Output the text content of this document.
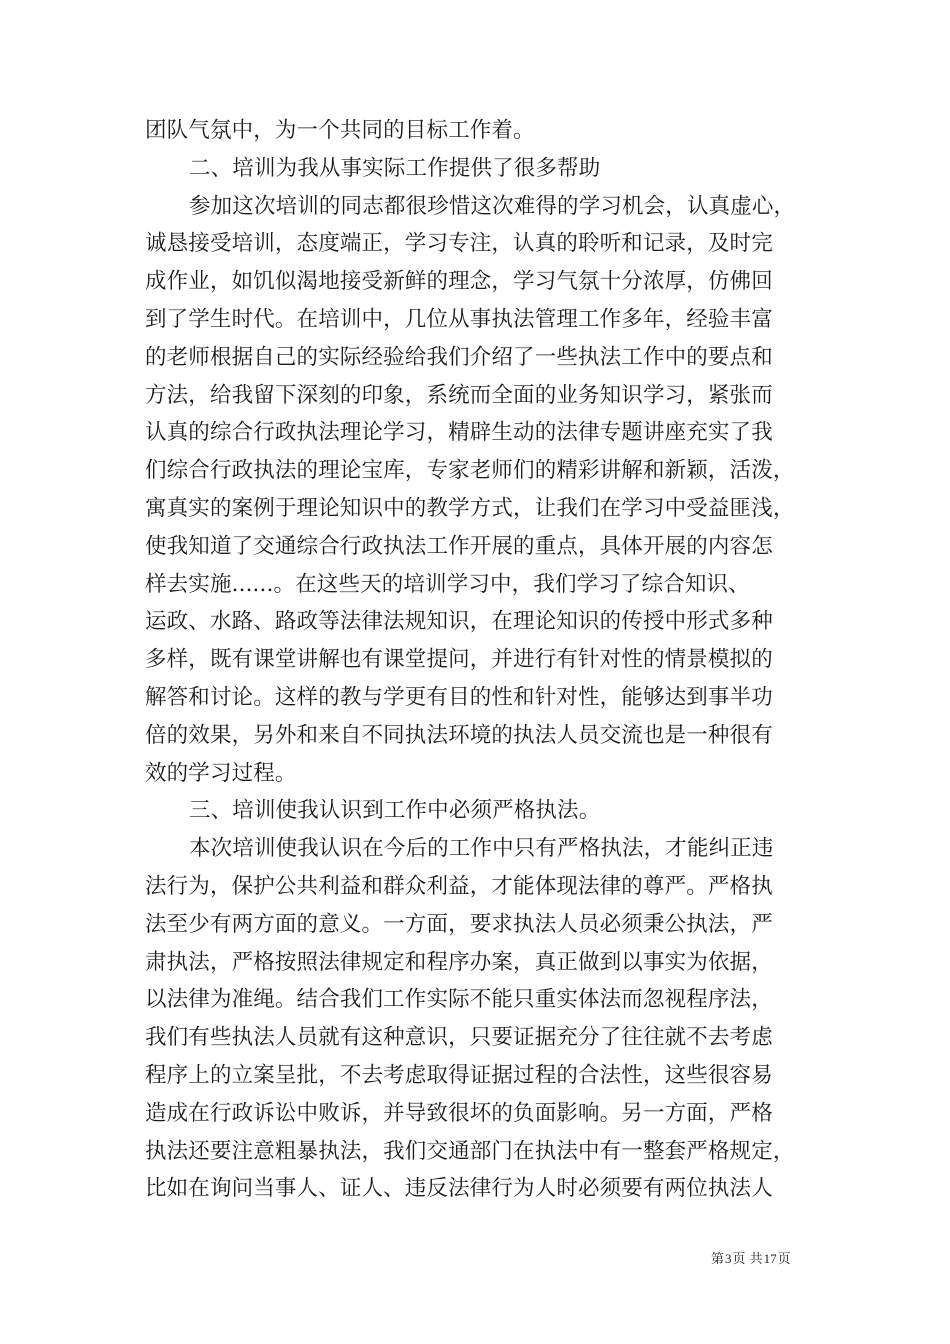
团队气氛中，为一个共同的目标工作着。
二、培训为我从事实际工作提供了很多帮助
参加这次培训的同志都很珍惜这次难得的学习机会，认真虚心，
诚恳接受培训，态度端正，学习专注，认真的聆听和记录，及时完
成作业，如饥似渴地接受新鲜的理念，学习气氛十分浓厚，仿佛回
到了学生时代。在培训中，几位从事执法管理工作多年，经验丰富
的老师根据自己的实际经验给我们介绍了一些执法工作中的要点和
方法，给我留下深刻的印象，系统而全面的业务知识学习，紧张而
认真的综合行政执法理论学习，精辟生动的法律专题讲座充实了我
们综合行政执法的理论宝库，专家老师们的精彩讲解和新颖，活泼，
寓真实的案例于理论知识中的教学方式，让我们在学习中受益匪浅，
使我知道了交通综合行政执法工作开展的重点，具体开展的内容怎
样去实施......。在这些天的培训学习中，我们学习了综合知识、
运政、水路、路政等法律法规知识，在理论知识的传授中形式多种
多样，既有课堂讲解也有课堂提问，并进行有针对性的情景模拟的
解答和讨论。这样的教与学更有目的性和针对性，能够达到事半功
倍的效果，另外和来自不同执法环境的执法人员交流也是一种很有
效的学习过程。
三、培训使我认识到工作中必须严格执法。
本次培训使我认识在今后的工作中只有严格执法，才能纠正违
法行为，保护公共利益和群众利益，才能体现法律的尊严。严格执
法至少有两方面的意义。一方面，要求执法人员必须秉公执法，严
肃执法，严格按照法律规定和程序办案，真正做到以事实为依据，
以法律为准绳。结合我们工作实际不能只重实体法而忽视程序法，
我们有些执法人员就有这种意识，只要证据充分了往往就不去考虑
程序上的立案呈批，不去考虑取得证据过程的合法性，这些很容易
造成在行政诉讼中败诉，并导致很坏的负面影响。另一方面，严格
执法还要注意粗暴执法，我们交通部门在执法中有一整套严格规定，
比如在询问当事人、证人、违反法律行为人时必须要有两位执法人
第3页 共17页
